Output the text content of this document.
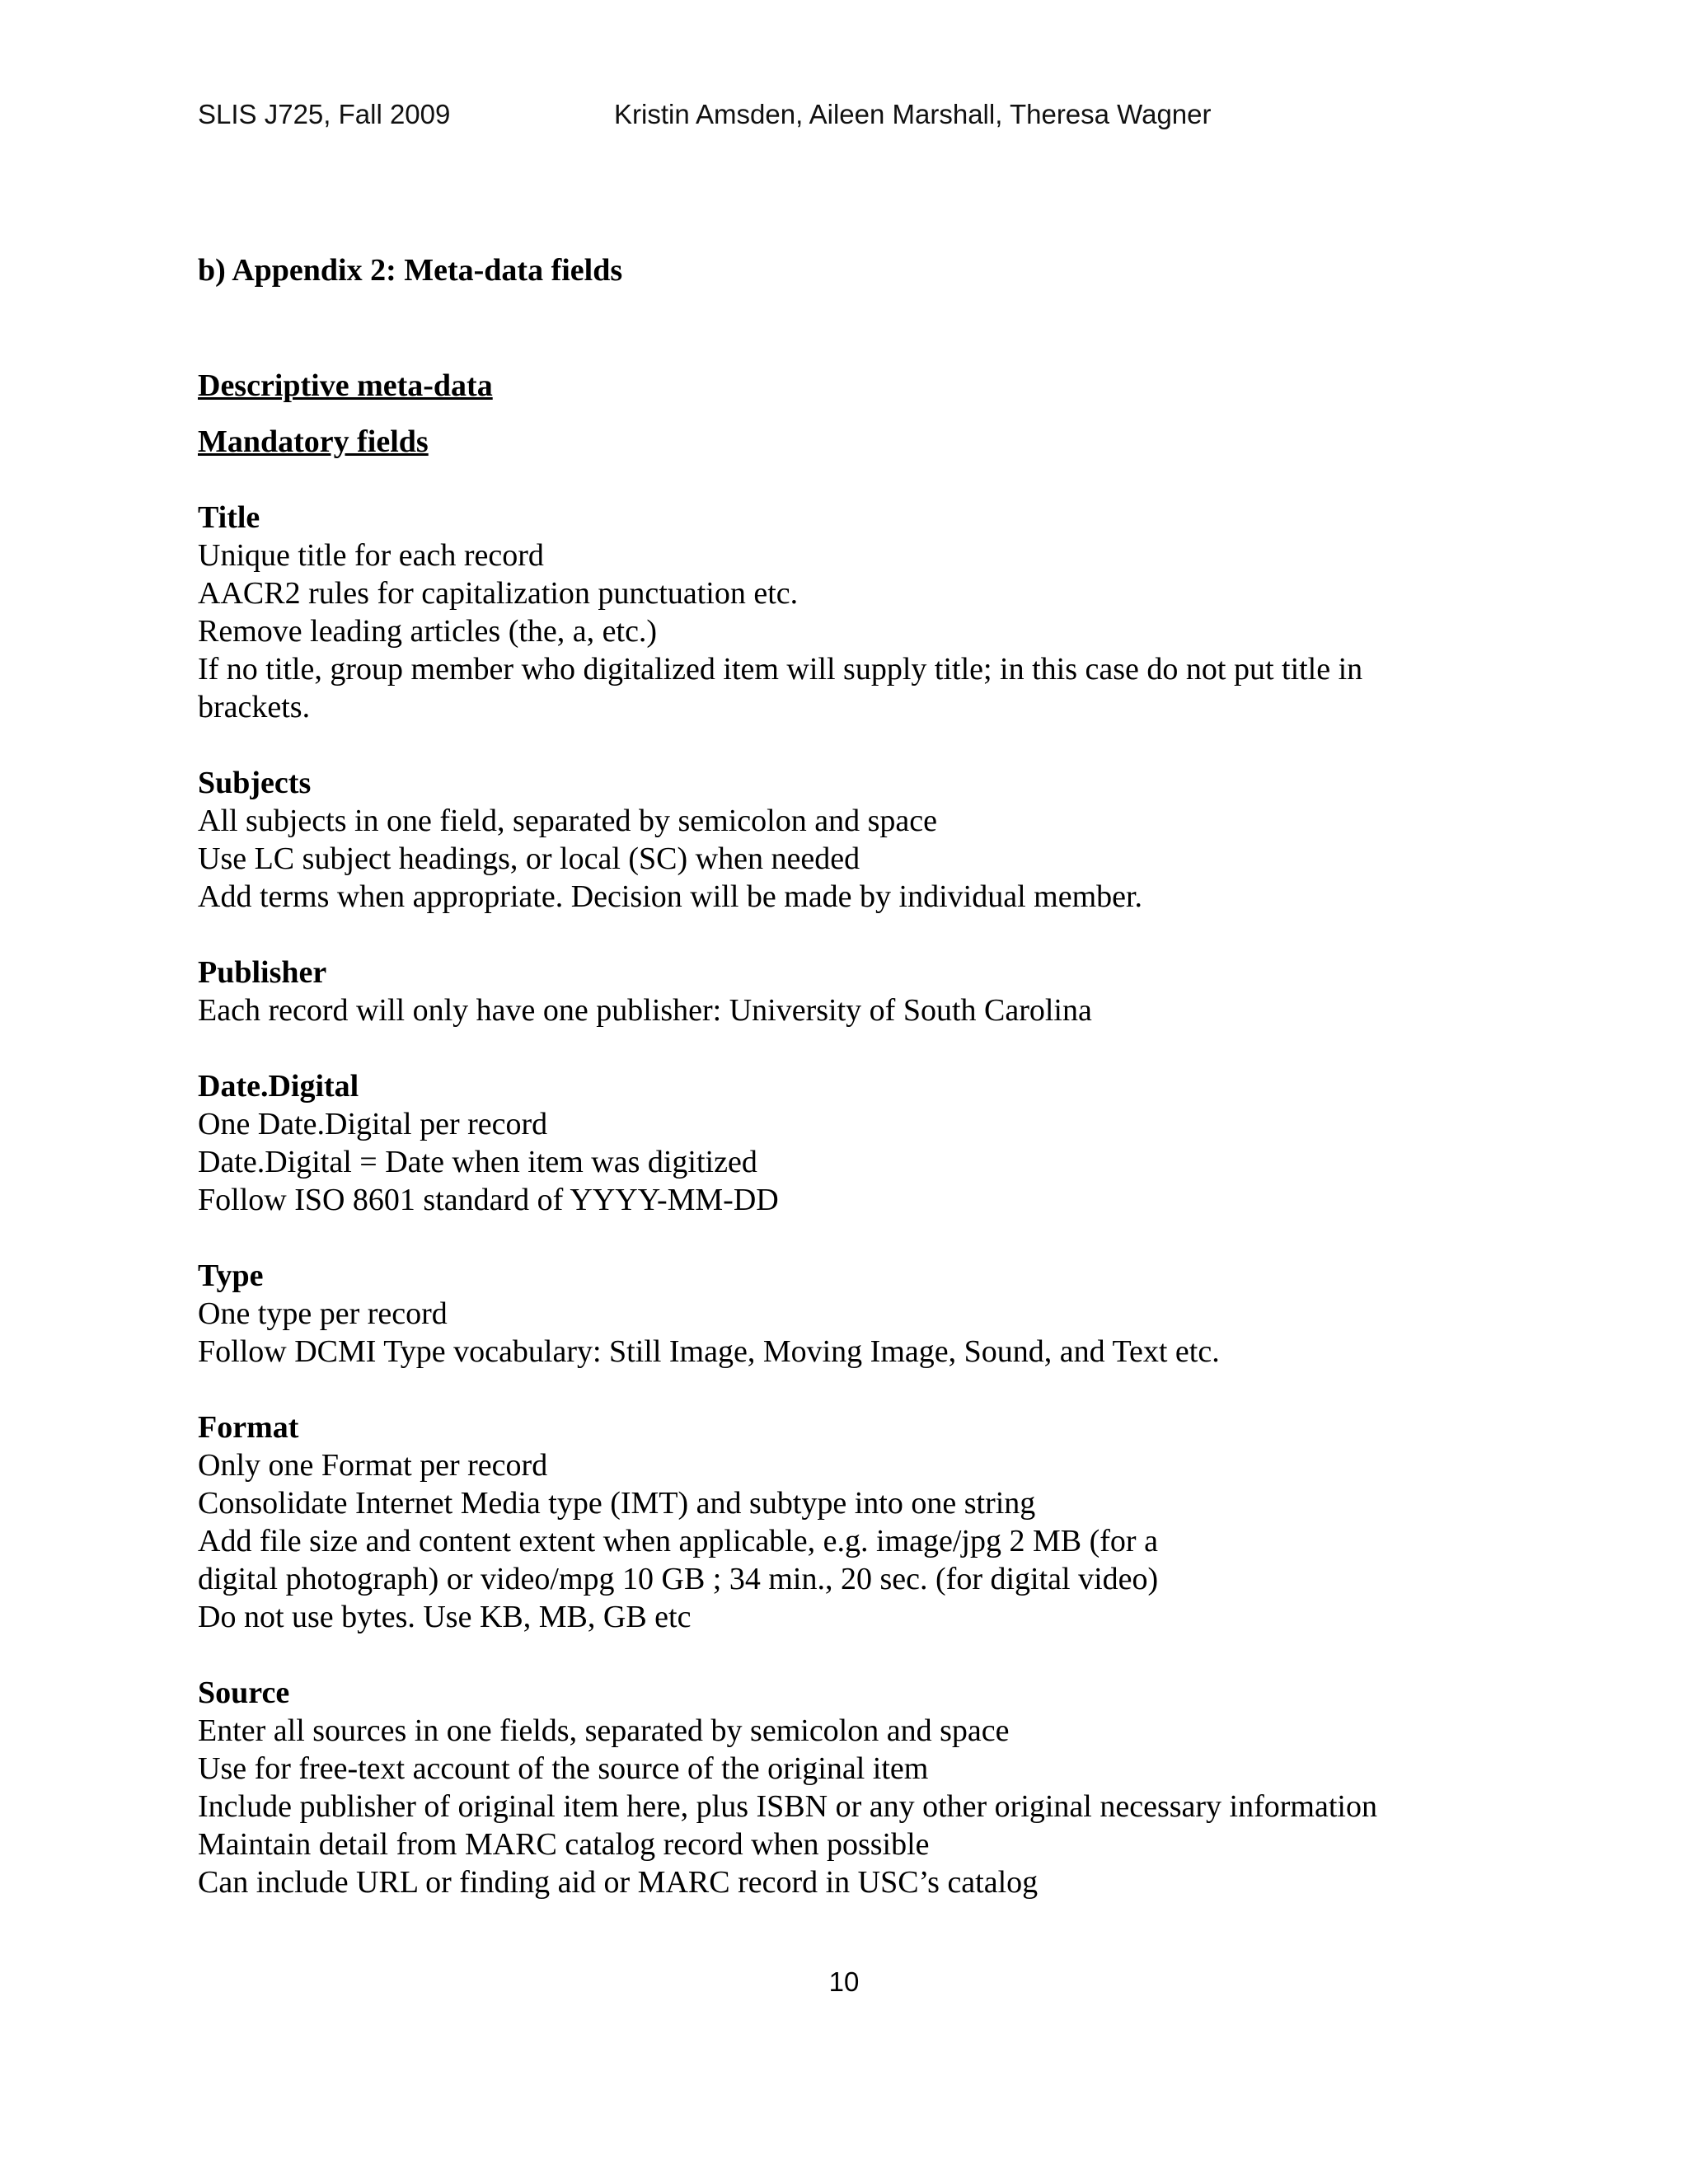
SLIS J725, Fall 2009	Kristin Amsden, Aileen Marshall, Theresa Wagner

b) Appendix 2: Meta-data fields

Descriptive meta-data

Mandatory fields

Title
Unique title for each record
AACR2 rules for capitalization punctuation etc.
Remove leading articles (the, a, etc.)
If no title, group member who digitalized item will supply title; in this case do not put title in
brackets.
Subjects
All subjects in one field, separated by semicolon and space
Use LC subject headings, or local (SC) when needed
Add terms when appropriate. Decision will be made by individual member.
Publisher
Each record will only have one publisher: University of South Carolina
Date.Digital
One Date.Digital per record
Date.Digital = Date when item was digitized
Follow ISO 8601 standard of YYYY-MM-DD
Type
One type per record
Follow DCMI Type vocabulary: Still Image, Moving Image, Sound, and Text etc.
Format
Only one Format per record
Consolidate Internet Media type (IMT) and subtype into one string
Add file size and content extent when applicable, e.g. image/jpg 2 MB (for a
digital photograph) or video/mpg 10 GB ; 34 min., 20 sec. (for digital video)
Do not use bytes. Use KB, MB, GB etc
Source
Enter all sources in one fields, separated by semicolon and space
Use for free-text account of the source of the original item
Include publisher of original item here, plus ISBN or any other original necessary information
Maintain detail from MARC catalog record when possible
Can include URL or finding aid or MARC record in USC’s catalog
10
